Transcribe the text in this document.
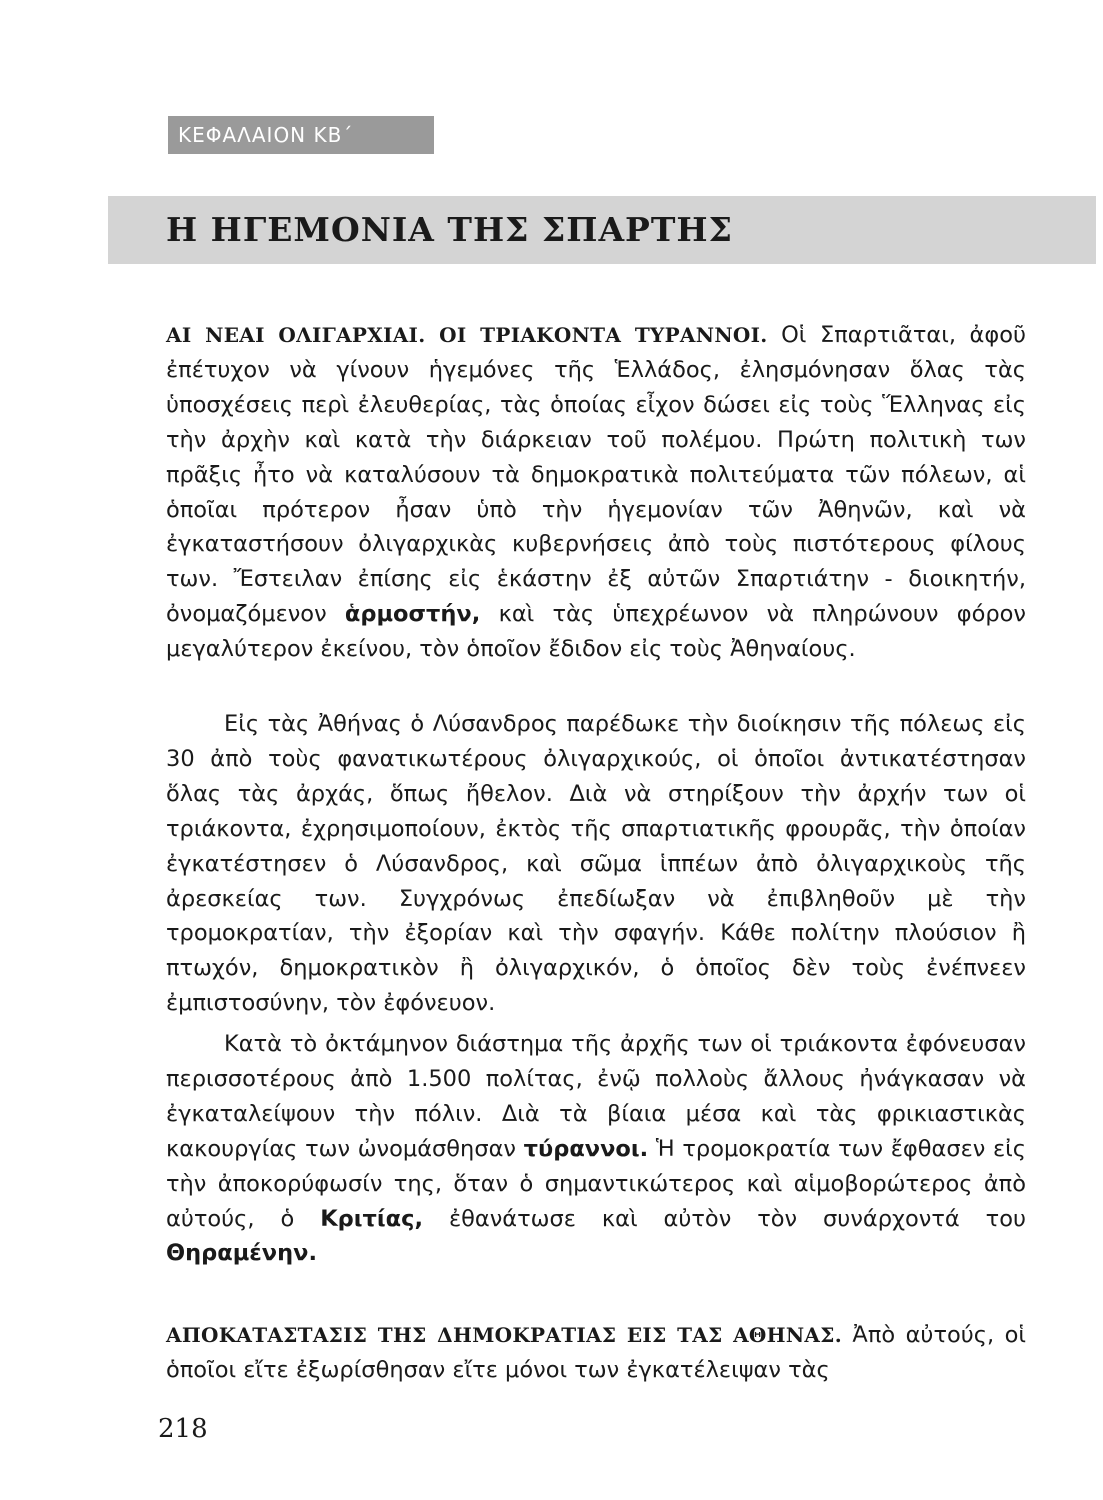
ΚΕΦΑΛΑΙΟΝ ΚΒ΄
Η ΗΓΕΜΟΝΙΑ ΤΗΣ ΣΠΑΡΤΗΣ

ΑΙ ΝΕΑΙ ΟΛΙΓΑΡΧΙΑΙ. ΟΙ ΤΡΙΑΚΟΝΤΑ ΤΥΡΑΝΝΟΙ. Οἱ Σπαρτιᾶται, ἀφοῦ ἐπέτυχον νὰ γίνουν ἡγεμόνες τῆς Ἑλλάδος, ἐλησμόνησαν ὅλας τὰς ὑποσχέσεις περὶ ἐλευθερίας, τὰς ὁποίας εἶχον δώσει εἰς τοὺς Ἕλληνας εἰς τὴν ἀρχὴν καὶ κατὰ τὴν διάρκειαν τοῦ πολέμου. Πρώτη πολιτικὴ των πρᾶξις ἦτο νὰ καταλύσουν τὰ δημοκρατικὰ πολιτεύματα τῶν πόλεων, αἱ ὁποῖαι πρότερον ἦσαν ὑπὸ τὴν ἡγεμονίαν τῶν Ἀθηνῶν, καὶ νὰ ἐγκαταστήσουν ὀλιγαρχικὰς κυβερνήσεις ἀπὸ τοὺς πιστότερους φίλους των. Ἔστειλαν ἐπίσης εἰς ἑκάστην ἐξ αὐτῶν Σπαρτιάτην - διοικητήν, ὀνομαζόμενον ἁρμοστήν, καὶ τὰς ὑπεχρέωνον νὰ πληρώνουν φόρον μεγαλύτερον ἐκείνου, τὸν ὁποῖον ἔδιδον εἰς τοὺς Ἀθηναίους.

Εἰς τὰς Ἀθήνας ὁ Λύσανδρος παρέδωκε τὴν διοίκησιν τῆς πόλεως εἰς 30 ἀπὸ τοὺς φανατικωτέρους ὀλιγαρχικούς, οἱ ὁποῖοι ἀντικατέστησαν ὅλας τὰς ἀρχάς, ὅπως ἤθελον. Διὰ νὰ στηρίξουν τὴν ἀρχήν των οἱ τριάκοντα, ἐχρησιμοποίουν, ἐκτὸς τῆς σπαρτιατικῆς φρουρᾶς, τὴν ὁποίαν ἐγκατέστησεν ὁ Λύσανδρος, καὶ σῶμα ἱππέων ἀπὸ ὀλιγαρχικοὺς τῆς ἀρεσκείας των. Συγχρόνως ἐπεδίωξαν νὰ ἐπιβληθοῦν μὲ τὴν τρομοκρατίαν, τὴν ἐξορίαν καὶ τὴν σφαγήν. Κάθε πολίτην πλούσιον ἢ πτωχόν, δημοκρατικὸν ἢ ὀλιγαρχικόν, ὁ ὁποῖος δὲν τοὺς ἐνέπνεεν ἐμπιστοσύνην, τὸν ἐφόνευον.

Κατὰ τὸ ὀκτάμηνον διάστημα τῆς ἀρχῆς των οἱ τριάκοντα ἐφόνευσαν περισσοτέρους ἀπὸ 1.500 πολίτας, ἐνῷ πολλοὺς ἄλλους ἠνάγκασαν νὰ ἐγκαταλείψουν τὴν πόλιν. Διὰ τὰ βίαια μέσα καὶ τὰς φρικιαστικὰς κακουργίας των ὠνομάσθησαν τύραννοι. Ἡ τρομοκρατία των ἔφθασεν εἰς τὴν ἀποκορύφωσίν της, ὅταν ὁ σημαντικώτερος καὶ αἱμοβορώτερος ἀπὸ αὐτούς, ὁ Κριτίας, ἐθανάτωσε καὶ αὐτὸν τὸν συνάρχοντά του Θηραμένην.

ΑΠΟΚΑΤΑΣΤΑΣΙΣ ΤΗΣ ΔΗΜΟΚΡΑΤΙΑΣ ΕΙΣ ΤΑΣ ΑΘΗΝΑΣ. Ἀπὸ αὐτούς, οἱ ὁποῖοι εἴτε ἐξωρίσθησαν εἴτε μόνοι των ἐγκατέλειψαν τὰς

218
